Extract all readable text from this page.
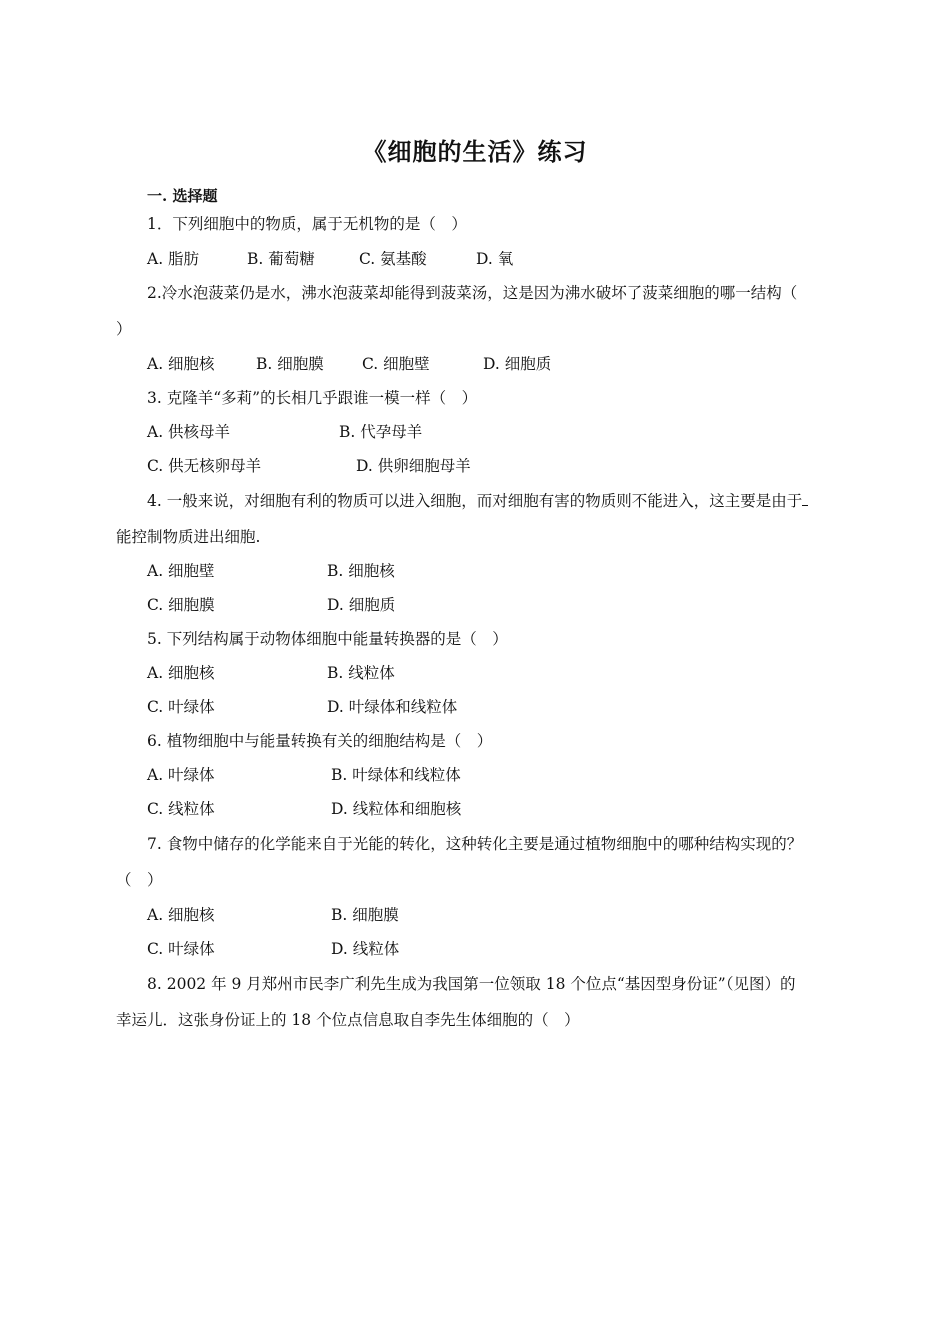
《细胞的生活》练习
一. 选择题
1．下列细胞中的物质，属于无机物的是（　）
A. 脂肪	B. 葡萄糖	C. 氨基酸	D. 氧
2.冷水泡菠菜仍是水，沸水泡菠菜却能得到菠菜汤，这是因为沸水破坏了菠菜细胞的哪一结构（
）
A. 细胞核	B. 细胞膜 C. 细胞壁	D. 细胞质
3. 克隆羊“多莉”的长相几乎跟谁一模一样（　）
A. 供核母羊	B. 代孕母羊
C. 供无核卵母羊	D. 供卵细胞母羊
4. 一般来说，对细胞有利的物质可以进入细胞，而对细胞有害的物质则不能进入，这主要是由于
能控制物质进出细胞.
A. 细胞壁	B. 细胞核
C. 细胞膜	D. 细胞质
5. 下列结构属于动物体细胞中能量转换器的是（　）
A. 细胞核	B. 线粒体
C. 叶绿体	D. 叶绿体和线粒体
6. 植物细胞中与能量转换有关的细胞结构是（　）
A. 叶绿体	B. 叶绿体和线粒体
C. 线粒体	D. 线粒体和细胞核
7. 食物中储存的化学能来自于光能的转化，这种转化主要是通过植物细胞中的哪种结构实现的？
（　）
A. 细胞核	B. 细胞膜
C. 叶绿体	D. 线粒体
8. 2002 年 9 月郑州市民李广利先生成为我国第一位领取 18 个位点“基因型身份证”（见图）的
幸运儿．这张身份证上的 18 个位点信息取自李先生体细胞的（　）
